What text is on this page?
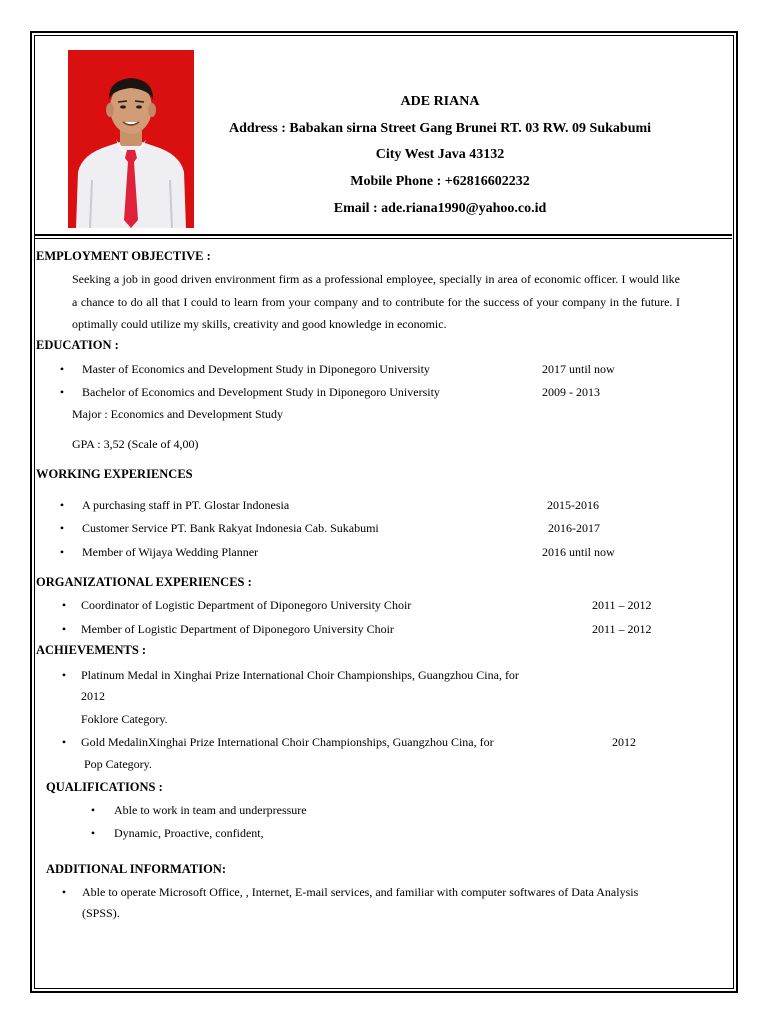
ADE RIANA
Address : Babakan sirna Street Gang Brunei RT. 03 RW. 09 Sukabumi
City West Java 43132
Mobile Phone : +62816602232
Email : ade.riana1990@yahoo.co.id
EMPLOYMENT OBJECTIVE :
Seeking a job in good driven environment firm as a professional employee, specially in area of economic officer. I would like a chance to do all that I could to learn from your company and to contribute for the success of your company in the future. I optimally could utilize my skills, creativity and good knowledge in economic.
EDUCATION :
• Master of Economics and Development Study in Diponegoro University	2017 until now
• Bachelor of Economics and Development Study in Diponegoro University	2009 - 2013
Major : Economics and Development Study
GPA : 3,52 (Scale of 4,00)
WORKING EXPERIENCES
• A purchasing staff in PT. Glostar Indonesia	2015-2016
• Customer Service PT. Bank Rakyat Indonesia Cab. Sukabumi	2016-2017
• Member of Wijaya Wedding Planner	2016 until now
ORGANIZATIONAL EXPERIENCES :
• Coordinator of Logistic Department of Diponegoro University Choir	2011 – 2012
• Member of Logistic Department of Diponegoro University Choir	2011 – 2012
ACHIEVEMENTS :
• Platinum Medal in Xinghai Prize International Choir Championships, Guangzhou Cina, for
2012
Foklore Category.
• Gold MedalinXinghai Prize International Choir Championships, Guangzhou Cina, for	2012
Pop Category.
QUALIFICATIONS :
• Able to work in team and underpressure
• Dynamic, Proactive, confident,
ADDITIONAL INFORMATION:
• Able to operate Microsoft Office, , Internet, E-mail services, and familiar with computer softwares of Data Analysis
(SPSS).
